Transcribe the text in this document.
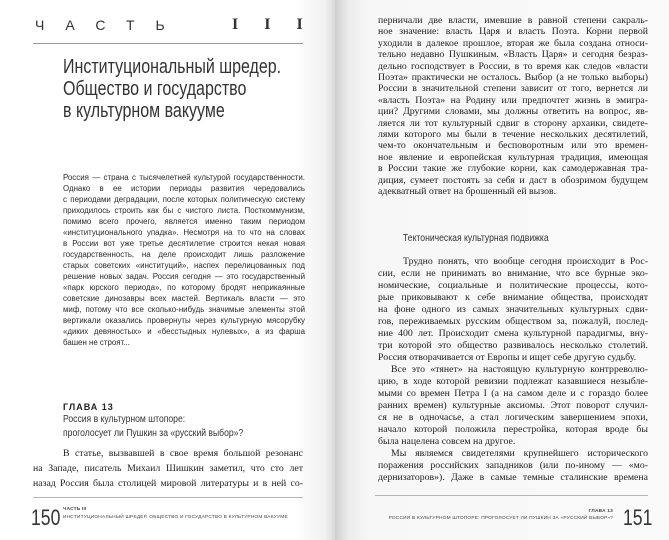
ЧАСТЬ	III
Институциональный шредер.
Общество и государство
в культурном вакууме
Россия — страна с тысячелетней культурой государственности.
Однако в ее истории периоды развития чередовались
с периодами деградации, после которых политическую систему
приходилось строить как бы с чистого листа. Посткоммунизм,
помимо всего прочего, является именно таким периодом
«институционального упадка». Несмотря на то что на словах
в России вот уже третье десятилетие строится некая новая
государственность, на деле происходит лишь разложение
старых советских «институций», наспех перелицованных под
решение новых задач. Россия сегодня — это государственный
«парк юрского периода», по которому бродят неприкаянные
советские динозавры всех мастей. Вертикаль власти — это
миф, потому что все сколько-нибудь значимые элементы этой
вертикали оказались провернуты через культурную мясорубку
«диких девяностых» и «бесстыдных нулевых», а из фарша
башен не строят...
ГЛАВА 13
Россия в культурном штопоре:
проголосует ли Пушкин за «русский выбор»?
В статье, вызвавшей в свое время большой резонанс
на Западе, писатель Михаил Шишкин заметил, что сто лет
назад Россия была столицей мировой литературы и в ней со-
150 ЧАСТЬ III
ИНСТИТУЦИОНАЛЬНЫЙ ШРЕДЕР. ОБЩЕСТВО И ГОСУДАРСТВО В КУЛЬТУРНОМ ВАКУУМЕ
перничали две власти, имевшие в равной степени сакраль-
ное значение: власть Царя и власть Поэта. Корни первой
уходили в далекое прошлое, вторая же была создана относи-
тельно недавно Пушкиным. «Власть Царя» и сегодня безраз-
дельно господствует в России, в то время как следов «власти
Поэта» практически не осталось. Выбор (а не только выборы)
России в значительной степени зависит от того, вернется ли
«власть Поэта» на Родину или предпочтет жизнь в эмигра-
ции? Другими словами, мы должны ответить на вопрос, яв-
ляется ли тот культурный сдвиг в сторону архаики, свидете-
лями которого мы были в течение нескольких десятилетий,
чем-то окончательным и бесповоротным или это времен-
ное явление и европейская культурная традиция, имеющая
в России такие же глубокие корни, как самодержавная тра-
диция, сумеет постоять за себя и даст в обозримом будущем
адекватный ответ на брошенный ей вызов.
Тектоническая культурная подвижка
Трудно понять, что вообще сегодня происходит в Рос-
сии, если не принимать во внимание, что все бурные эко-
номические, социальные и политические процессы, кото-
рые приковывают к себе внимание общества, происходят
на фоне одного из самых значительных культурных сдви-
гов, переживаемых русским обществом за, пожалуй, послед-
ние 400 лет. Происходит смена культурной парадигмы, вну-
три которой это общество развивалось несколько столетий.
Россия отворачивается от Европы и ищет себе другую судьбу.
Все это «тянет» на настоящую культурную контрреволю-
цию, в ходе которой ревизии подлежат казавшиеся незыбле-
мыми со времен Петра I (а на самом деле и с гораздо более
ранних времен) культурные аксиомы. Этот поворот случил-
ся не в одночасье, а стал логическим завершением эпохи,
начало которой положила перестройка, которая вроде бы
была нацелена совсем на другое.
Мы являемся свидетелями крупнейшего исторического
поражения российских западников (или по-иному — «мо-
дернизаторов»). Даже в самые темные сталинские времена
ГЛАВА 13
РОССИЯ В КУЛЬТУРНОМ ШТОПОРЕ: ПРОГОЛОСУЕТ ЛИ ПУШКИН ЗА «РУССКИЙ ВЫБОР»? 151
